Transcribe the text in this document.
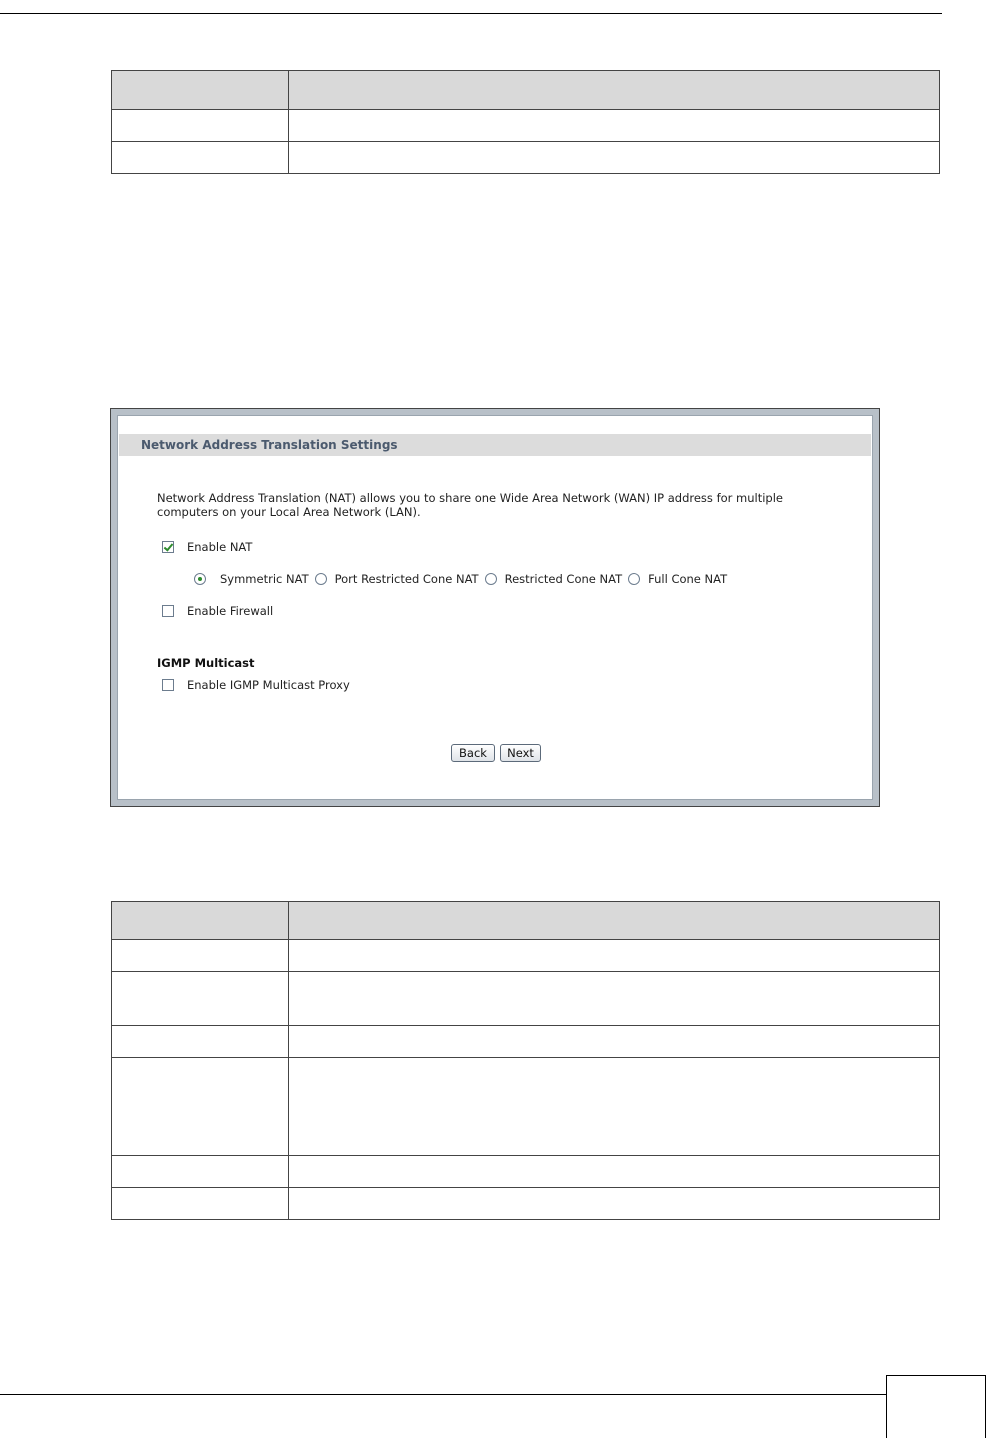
Network Address Translation Settings
Network Address Translation (NAT) allows you to share one Wide Area Network (WAN) IP address for multiple computers on your Local Area Network (LAN).
Enable NAT
Symmetric NAT Port Restricted Cone NAT Restricted Cone NAT Full Cone NAT
Enable Firewall
IGMP Multicast
Enable IGMP Multicast Proxy
Back	Next
